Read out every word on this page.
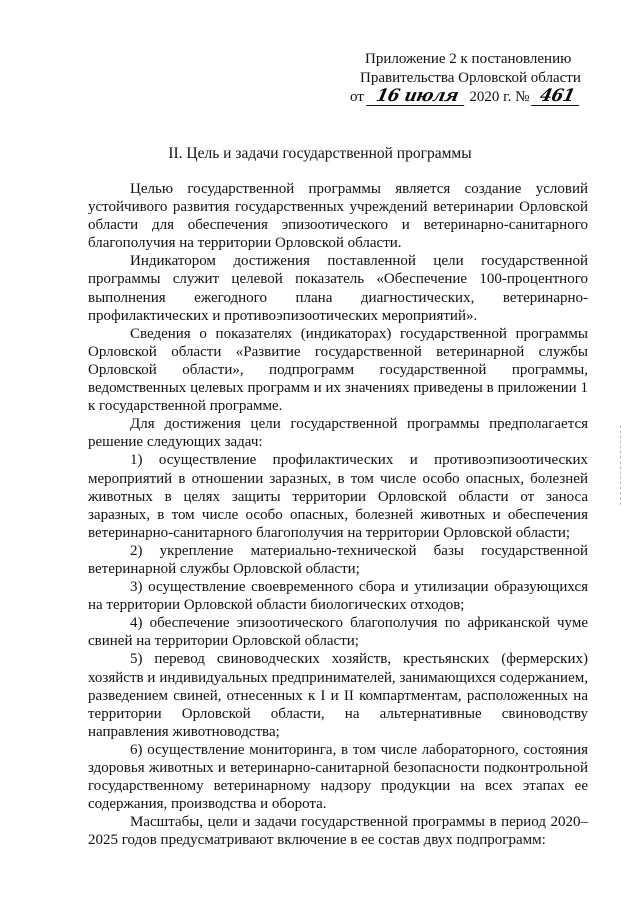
Приложение 2 к постановлению
Правительства Орловской области
от 16 июля 2020 г. № 461
II. Цель и задачи государственной программы

Целью государственной программы является создание условий устойчивого развития государственных учреждений ветеринарии Орловской области для обеспечения эпизоотического и ветеринарно-санитарного благополучия на территории Орловской области.

Индикатором достижения поставленной цели государственной программы служит целевой показатель «Обеспечение 100-процентного выполнения ежегодного плана диагностических, ветеринарно-профилактических и противоэпизоотических мероприятий».

Сведения о показателях (индикаторах) государственной программы Орловской области «Развитие государственной ветеринарной службы Орловской области», подпрограмм государственной программы, ведомственных целевых программ и их значениях приведены в приложении 1 к государственной программе.

Для достижения цели государственной программы предполагается решение следующих задач:

1) осуществление профилактических и противоэпизоотических мероприятий в отношении заразных, в том числе особо опасных, болезней животных в целях защиты территории Орловской области от заноса заразных, в том числе особо опасных, болезней животных и обеспечения ветеринарно-санитарного благополучия на территории Орловской области;

2) укрепление материально-технической базы государственной ветеринарной службы Орловской области;

3) осуществление своевременного сбора и утилизации образующихся на территории Орловской области биологических отходов;

4) обеспечение эпизоотического благополучия по африканской чуме свиней на территории Орловской области;

5) перевод свиноводческих хозяйств, крестьянских (фермерских) хозяйств и индивидуальных предпринимателей, занимающихся содержанием, разведением свиней, отнесенных к I и II компартментам, расположенных на территории Орловской области, на альтернативные свиноводству направления животноводства;

6) осуществление мониторинга, в том числе лабораторного, состояния здоровья животных и ветеринарно-санитарной безопасности подконтрольной государственному ветеринарному надзору продукции на всех этапах ее содержания, производства и оборота.

Масштабы, цели и задачи государственной программы в период 2020–2025 годов предусматривают включение в ее состав двух подпрограмм:
